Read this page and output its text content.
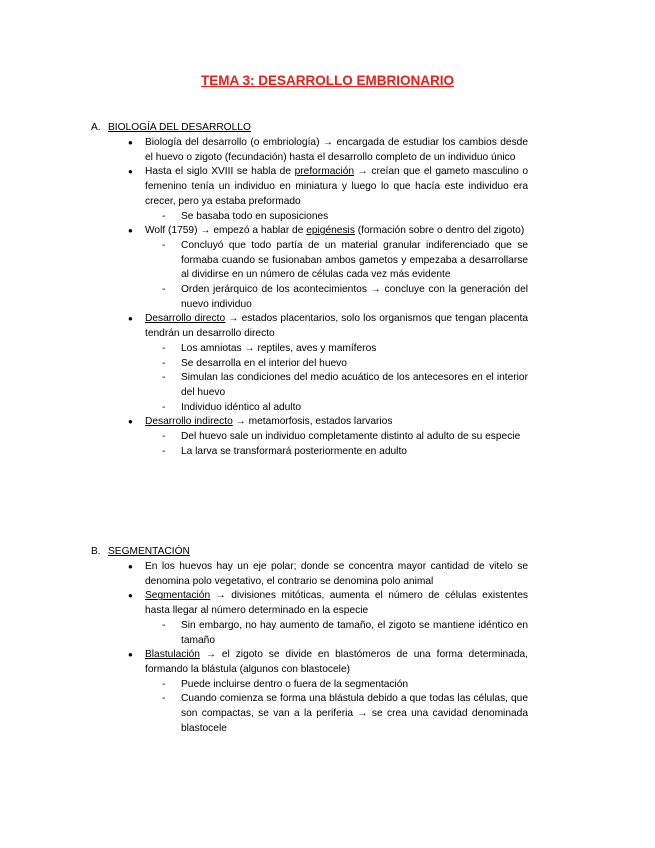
TEMA 3: DESARROLLO EMBRIONARIO
A. BIOLOGÍA DEL DESARROLLO
● Biología del desarrollo (o embriología) → encargada de estudiar los cambios desde el huevo o zigoto (fecundación) hasta el desarrollo completo de un individuo único
● Hasta el siglo XVIII se habla de preformación → creían que el gameto masculino o femenino tenía un individuo en miniatura y luego lo que hacía este individuo era crecer, pero ya estaba preformado
- Se basaba todo en suposiciones
● Wolf (1759) → empezó a hablar de epigénesis (formación sobre o dentro del zigoto)
- Concluyó que todo partía de un material granular indiferenciado que se formaba cuando se fusionaban ambos gametos y empezaba a desarrollarse al dividirse en un número de células cada vez más evidente
- Orden jerárquico de los acontecimientos → concluye con la generación del nuevo individuo
● Desarrollo directo → estados placentarios, solo los organismos que tengan placenta tendrán un desarrollo directo
- Los amniotas → reptiles, aves y mamíferos
- Se desarrolla en el interior del huevo
- Simulan las condiciones del medio acuático de los antecesores en el interior del huevo
- Individuo idéntico al adulto
● Desarrollo indirecto → metamorfosis, estados larvarios
- Del huevo sale un individuo completamente distinto al adulto de su especie
- La larva se transformará posteriormente en adulto
B. SEGMENTACIÓN
● En los huevos hay un eje polar; donde se concentra mayor cantidad de vitelo se denomina polo vegetativo, el contrario se denomina polo animal
● Segmentación → divisiones mitóticas, aumenta el número de células existentes hasta llegar al número determinado en la especie
- Sin embargo, no hay aumento de tamaño, el zigoto se mantiene idéntico en tamaño
● Blastulación → el zigoto se divide en blastómeros de una forma determinada, formando la blástula (algunos con blastocele)
- Puede incluirse dentro o fuera de la segmentación
- Cuando comienza se forma una blástula debido a que todas las células, que son compactas, se van a la periferia → se crea una cavidad denominada blastocele
